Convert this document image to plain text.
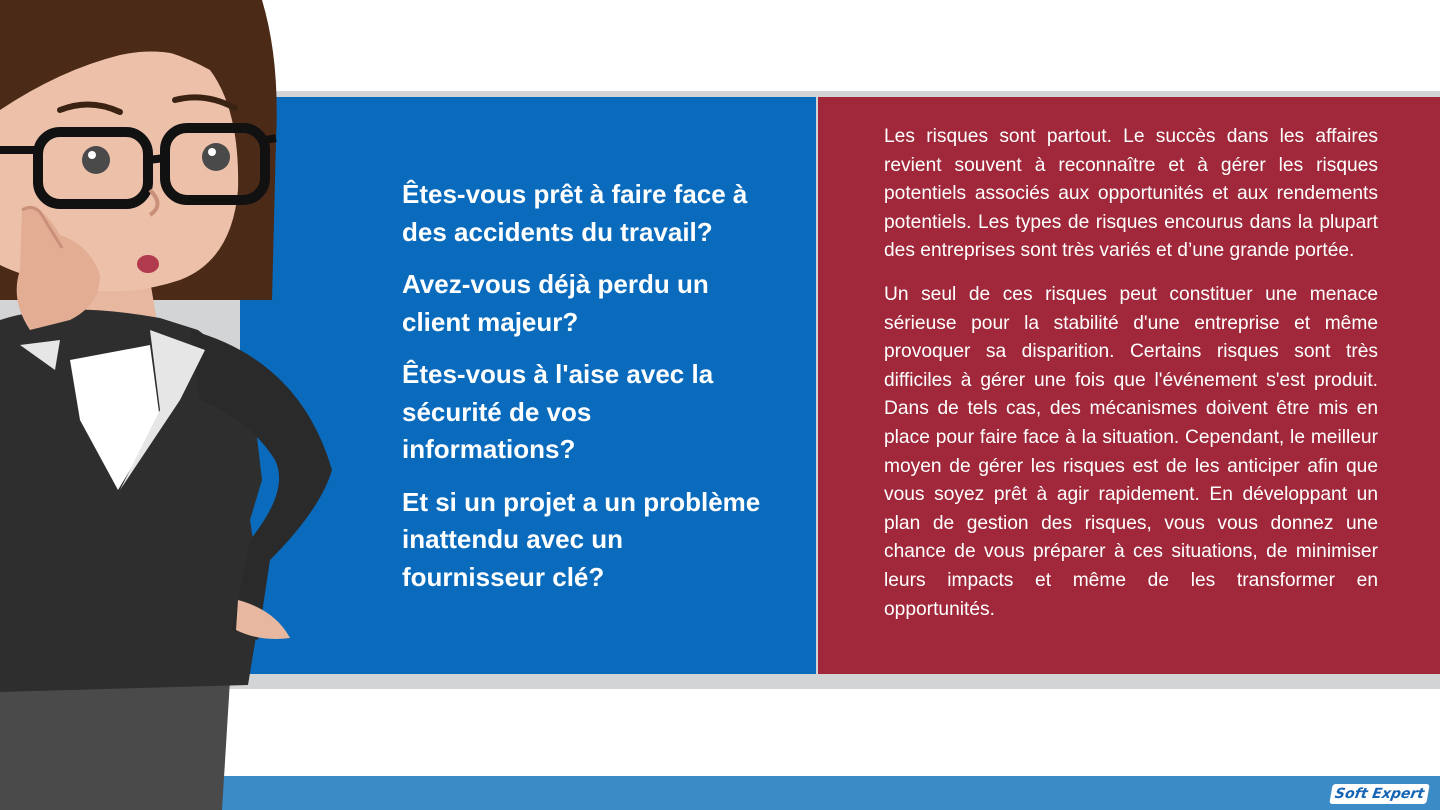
Êtes-vous prêt à faire face à des accidents du travail?

Avez-vous déjà perdu un client majeur?

Êtes-vous à l'aise avec la sécurité de vos informations?

Et si un projet a un problème inattendu avec un fournisseur clé?

Les risques sont partout. Le succès dans les affaires revient souvent à reconnaître et à gérer les risques potentiels associés aux opportunités et aux rendements potentiels. Les types de risques encourus dans la plupart des entreprises sont très variés et d’une grande portée.

Un seul de ces risques peut constituer une menace sérieuse pour la stabilité d'une entreprise et même provoquer sa disparition. Certains risques sont très difficiles à gérer une fois que l'événement s'est produit. Dans de tels cas, des mécanismes doivent être mis en place pour faire face à la situation. Cependant, le meilleur moyen de gérer les risques est de les anticiper afin que vous soyez prêt à agir rapidement. En développant un plan de gestion des risques, vous vous donnez une chance de vous préparer à ces situations, de minimiser leurs impacts et même de les transformer en opportunités.

Soft Expert
